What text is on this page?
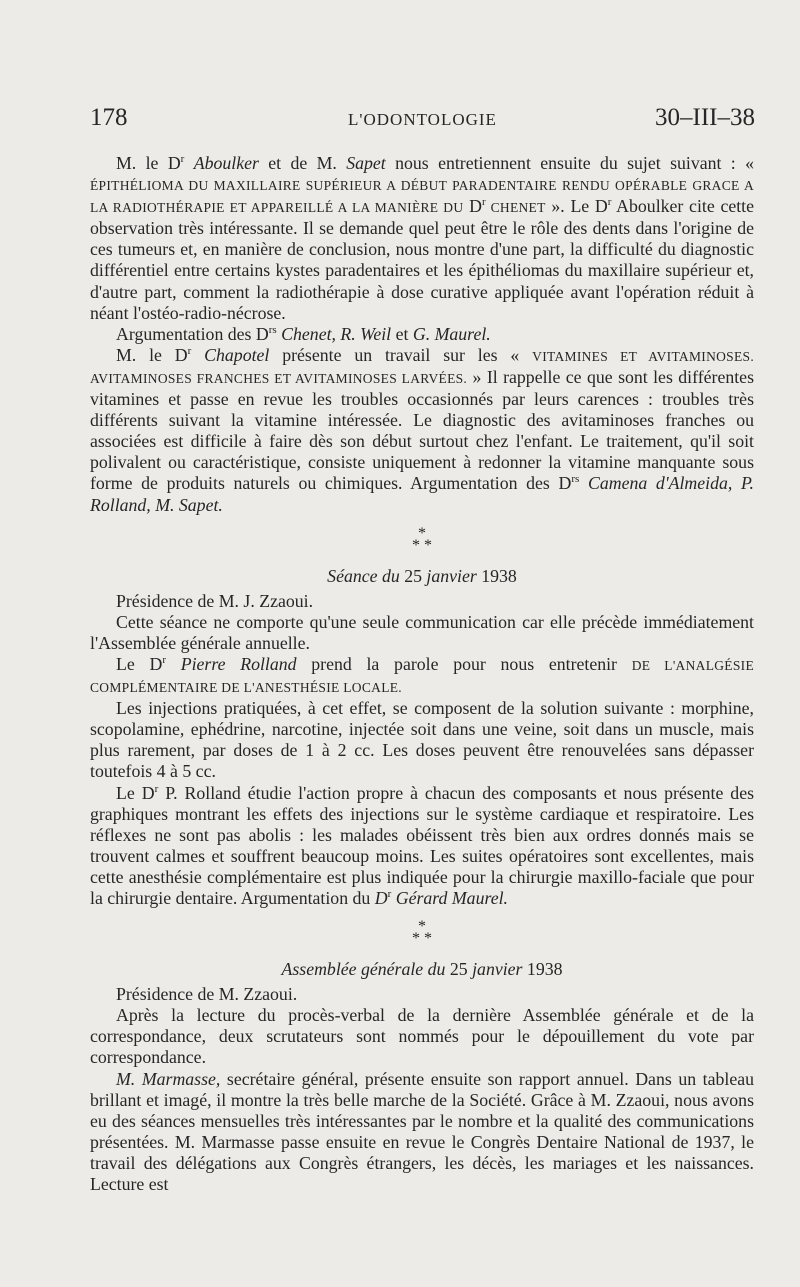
178	L'ODONTOLOGIE	30–III–38

M. le $D^r$ Aboulker et de M. Sapet nous entretiennent ensuite du sujet suivant : « ÉPITHÉLIOMA DU MAXILLAIRE SUPÉRIEUR A DÉBUT PARADENTAIRE RENDU OPÉRABLE GRACE A LA RADIOTHÉRAPIE ET APPAREILLÉ A LA MANIÈRE DU $D^r$ CHENET ». Le $D^r$ Aboulker cite cette observation très intéressante. Il se demande quel peut être le rôle des dents dans l'origine de ces tumeurs et, en manière de conclusion, nous montre d'une part, la difficulté du diagnostic différentiel entre certains kystes paradentaires et les épithéliomas du maxillaire supérieur et, d'autre part, comment la radiothérapie à dose curative appliquée avant l'opération réduit à néant l'ostéo-radio-nécrose.

Argumentation des $D^{rs}$ Chenet, R. Weil et G. Maurel.

M. le $D^r$ Chapotel présente un travail sur les « VITAMINES ET AVITAMINOSES. AVITAMINOSES FRANCHES ET AVITAMINOSES LARVÉES. » Il rappelle ce que sont les différentes vitamines et passe en revue les troubles occasionnés par leurs carences : troubles très différents suivant la vitamine intéressée. Le diagnostic des avitaminoses franches ou associées est difficile à faire dès son début surtout chez l'enfant. Le traitement, qu'il soit polivalent ou caractéristique, consiste uniquement à redonner la vitamine manquante sous forme de produits naturels ou chimiques. Argumentation des $D^{rs}$ Camena d'Almeida, P. Rolland, M. Sapet.

*
* *
Séance du 25 janvier 1938

Présidence de M. J. Zzaoui.

Cette séance ne comporte qu'une seule communication car elle précède immédiatement l'Assemblée générale annuelle.

Le $D^r$ Pierre Rolland prend la parole pour nous entretenir DE L'ANALGÉSIE COMPLÉMENTAIRE DE L'ANESTHÉSIE LOCALE.

Les injections pratiquées, à cet effet, se composent de la solution suivante : morphine, scopolamine, ephédrine, narcotine, injectée soit dans une veine, soit dans un muscle, mais plus rarement, par doses de 1 à 2 cc. Les doses peuvent être renouvelées sans dépasser toutefois 4 à 5 cc.

Le $D^r$ P. Rolland étudie l'action propre à chacun des composants et nous présente des graphiques montrant les effets des injections sur le système cardiaque et respiratoire. Les réflexes ne sont pas abolis : les malades obéissent très bien aux ordres donnés mais se trouvent calmes et souffrent beaucoup moins. Les suites opératoires sont excellentes, mais cette anesthésie complémentaire est plus indiquée pour la chirurgie maxillo-faciale que pour la chirurgie dentaire. Argumentation du $D^r$ Gérard Maurel.

*
* *
Assemblée générale du 25 janvier 1938

Présidence de M. Zzaoui.

Après la lecture du procès-verbal de la dernière Assemblée générale et de la correspondance, deux scrutateurs sont nommés pour le dépouillement du vote par correspondance.

M. Marmasse, secrétaire général, présente ensuite son rapport annuel. Dans un tableau brillant et imagé, il montre la très belle marche de la Société. Grâce à M. Zzaoui, nous avons eu des séances mensuelles très intéressantes par le nombre et la qualité des communications présentées. M. Marmasse passe ensuite en revue le Congrès Dentaire National de 1937, le travail des délégations aux Congrès étrangers, les décès, les mariages et les naissances. Lecture est
